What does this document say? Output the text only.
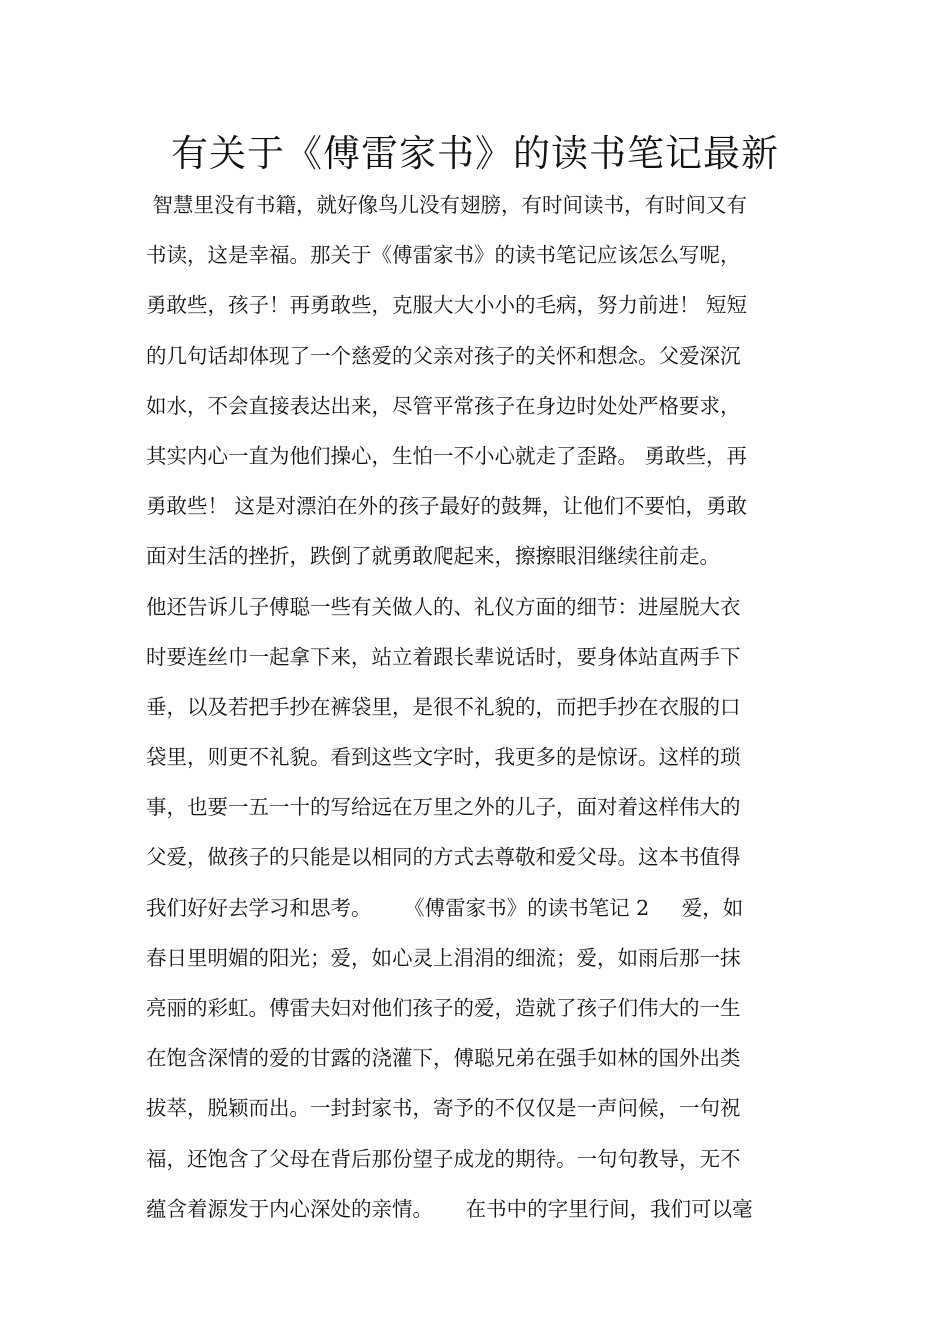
有关于《傅雷家书》的读书笔记最新
智慧里没有书籍，就好像鸟儿没有翅膀，有时间读书，有时间又有
书读，这是幸福。那关于《傅雷家书》的读书笔记应该怎么写呢，
勇敢些，孩子！再勇敢些，克服大大小小的毛病，努力前进！ 短短
的几句话却体现了一个慈爱的父亲对孩子的关怀和想念。父爱深沉
如水，不会直接表达出来，尽管平常孩子在身边时处处严格要求，
其实内心一直为他们操心，生怕一不小心就走了歪路。 勇敢些，再
勇敢些！ 这是对漂泊在外的孩子最好的鼓舞，让他们不要怕，勇敢
面对生活的挫折，跌倒了就勇敢爬起来，擦擦眼泪继续往前走。
他还告诉儿子傅聪一些有关做人的、礼仪方面的细节：进屋脱大衣
时要连丝巾一起拿下来，站立着跟长辈说话时，要身体站直两手下
垂，以及若把手抄在裤袋里，是很不礼貌的，而把手抄在衣服的口
袋里，则更不礼貌。看到这些文字时，我更多的是惊讶。这样的琐
事，也要一五一十的写给远在万里之外的儿子，面对着这样伟大的
父爱，做孩子的只能是以相同的方式去尊敬和爱父母。这本书值得
我们好好去学习和思考。     《傅雷家书》的读书笔记 2     爱，如
春日里明媚的阳光；爱，如心灵上涓涓的细流；爱，如雨后那一抹
亮丽的彩虹。傅雷夫妇对他们孩子的爱，造就了孩子们伟大的一生
在饱含深情的爱的甘露的浇灌下，傅聪兄弟在强手如林的国外出类
拔萃，脱颖而出。一封封家书，寄予的不仅仅是一声问候，一句祝
福，还饱含了父母在背后那份望子成龙的期待。一句句教导，无不
蕴含着源发于内心深处的亲情。     在书中的字里行间，我们可以毫
